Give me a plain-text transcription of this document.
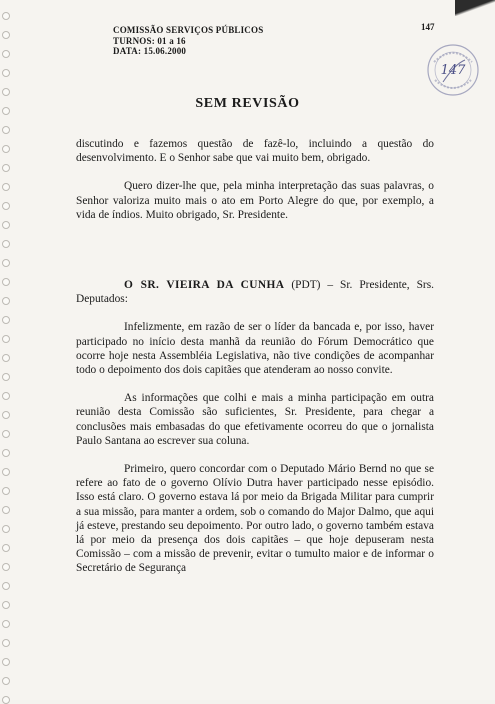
COMISSÃO SERVIÇOS PÚBLICOS
TURNOS: 01 a 16
DATA: 15.06.2000
147
147
SEM REVISÃO

discutindo e fazemos questão de fazê-lo, incluindo a questão do desenvolvimento. E o Senhor sabe que vai muito bem, obrigado.

Quero dizer-lhe que, pela minha interpretação das suas palavras, o Senhor valoriza muito mais o ato em Porto Alegre do que, por exemplo, a vida de índios. Muito obrigado, Sr. Presidente.

O SR. VIEIRA DA CUNHA (PDT) – Sr. Presidente, Srs. Deputados:

Infelizmente, em razão de ser o líder da bancada e, por isso, haver participado no início desta manhã da reunião do Fórum Democrático que ocorre hoje nesta Assembléia Legislativa, não tive condições de acompanhar todo o depoimento dos dois capitães que atenderam ao nosso convite.

As informações que colhi e mais a minha participação em outra reunião desta Comissão são suficientes, Sr. Presidente, para chegar a conclusões mais embasadas do que efetivamente ocorreu do que o jornalista Paulo Santana ao escrever sua coluna.

Primeiro, quero concordar com o Deputado Mário Bernd no que se refere ao fato de o governo Olívio Dutra haver participado nesse episódio. Isso está claro. O governo estava lá por meio da Brigada Militar para cumprir a sua missão, para manter a ordem, sob o comando do Major Dalmo, que aqui já esteve, prestando seu depoimento. Por outro lado, o governo também estava lá por meio da presença dos dois capitães – que hoje depuseram nesta Comissão – com a missão de prevenir, evitar o tumulto maior e de informar o Secretário de Segurança
